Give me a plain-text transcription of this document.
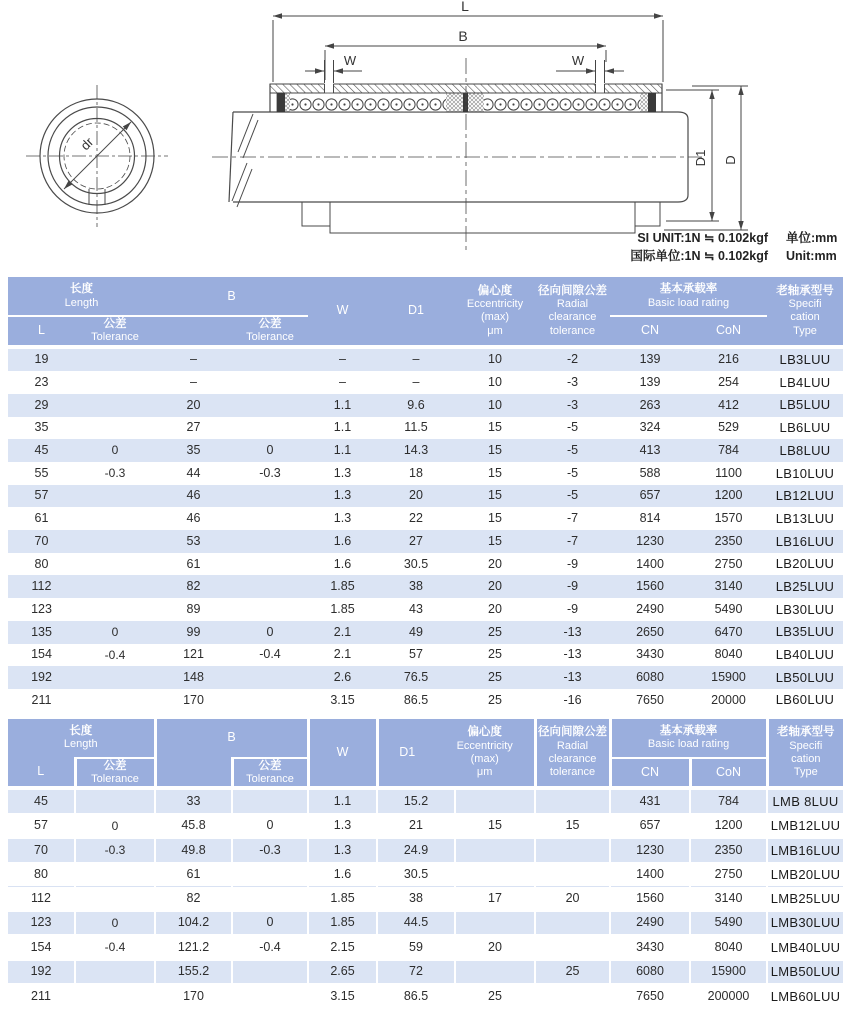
dr
L
B
W	W
D1 D
SI UNIT:1N ≒ 0.102kgf 单位:mm
国际单位:1N ≒ 0.102kgf Unit:mm
长度
Length		B		W	D1	偏心度
Eccentricity
(max)
μm	径向间隙公差
Radial
clearance
tolerance	基本承载率
Basic load rating		老轴承型号
Specifi
cation
Type

L	公差
Tolerance		公差
Tolerance					CN	CoN	

19		–		–	–	10	-2	139	216	LB3LUU
23		–		–	–	10	-3	139	254	LB4LUU
29		20		1.1	9.6	10	-3	263	412	LB5LUU
35		27		1.1	11.5	15	-5	324	529	LB6LUU
45	0	35	0	1.1	14.3	15	-5	413	784	LB8LUU
55	-0.3	44	-0.3	1.3	18	15	-5	588	1100	LB10LUU
57		46		1.3	20	15	-5	657	1200	LB12LUU
61		46		1.3	22	15	-7	814	1570	LB13LUU
70		53		1.6	27	15	-7	1230	2350	LB16LUU
80		61		1.6	30.5	20	-9	1400	2750	LB20LUU
112		82		1.85	38	20	-9	1560	3140	LB25LUU
123		89		1.85	43	20	-9	2490	5490	LB30LUU
135	0	99	0	2.1	49	25	-13	2650	6470	LB35LUU
154	-0.4	121	-0.4	2.1	57	25	-13	3430	8040	LB40LUU
192		148		2.6	76.5	25	-13	6080	15900	LB50LUU
211		170		3.15	86.5	25	-16	7650	20000	LB60LUU
长度
Length		B		W	D1
偏心度
Eccentricity
(max)
μm		径向间隙公差
Radial
clearance
tolerance	基本承载率
Basic load rating		老轴承型号
Specifi
cation
Type

L	公差
Tolerance		公差
Tolerance					CN	CoN	

45		33		1.1	15.2			431	784	LMB 8LUU
57	0	45.8	0	1.3	21	15	15	657	1200	LMB12LUU
70	-0.3	49.8	-0.3	1.3	24.9			1230	2350	LMB16LUU
80		61		1.6	30.5			1400	2750	LMB20LUU
112		82		1.85	38	17	20	1560	3140	LMB25LUU
123	0	104.2	0	1.85	44.5			2490	5490	LMB30LUU
154	-0.4	121.2	-0.4	2.15	59	20		3430	8040	LMB40LUU
192		155.2		2.65	72		25	6080	15900	LMB50LUU
211		170		3.15	86.5	25		7650	200000	LMB60LUU
